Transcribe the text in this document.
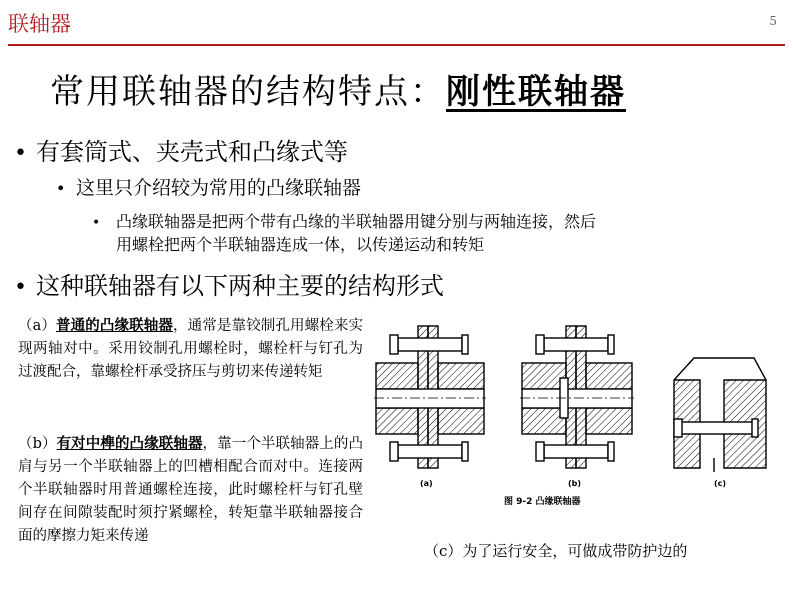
联轴器	5
常用联轴器的结构特点：刚性联轴器
• 有套筒式、夹壳式和凸缘式等
• 这里只介绍较为常用的凸缘联轴器
• 凸缘联轴器是把两个带有凸缘的半联轴器用键分别与两轴连接，然后
用螺栓把两个半联轴器连成一体，以传递运动和转矩
• 这种联轴器有以下两种主要的结构形式
（a）普通的凸缘联轴器，通常是靠铰制孔用螺栓来实现两轴对中。采用铰制孔用螺栓时，螺栓杆与钉孔为过渡配合，靠螺栓杆承受挤压与剪切来传递转矩
（b）有对中榫的凸缘联轴器，靠一个半联轴器上的凸肩与另一个半联轴器上的凹槽相配合而对中。连接两个半联轴器时用普通螺栓连接，此时螺栓杆与钉孔壁间存在间隙装配时须拧紧螺栓，转矩靠半联轴器接合面的摩擦力矩来传递
(a)	(b)	(c)
图 9-2 凸缘联轴器
（c）为了运行安全，可做成带防护边的
